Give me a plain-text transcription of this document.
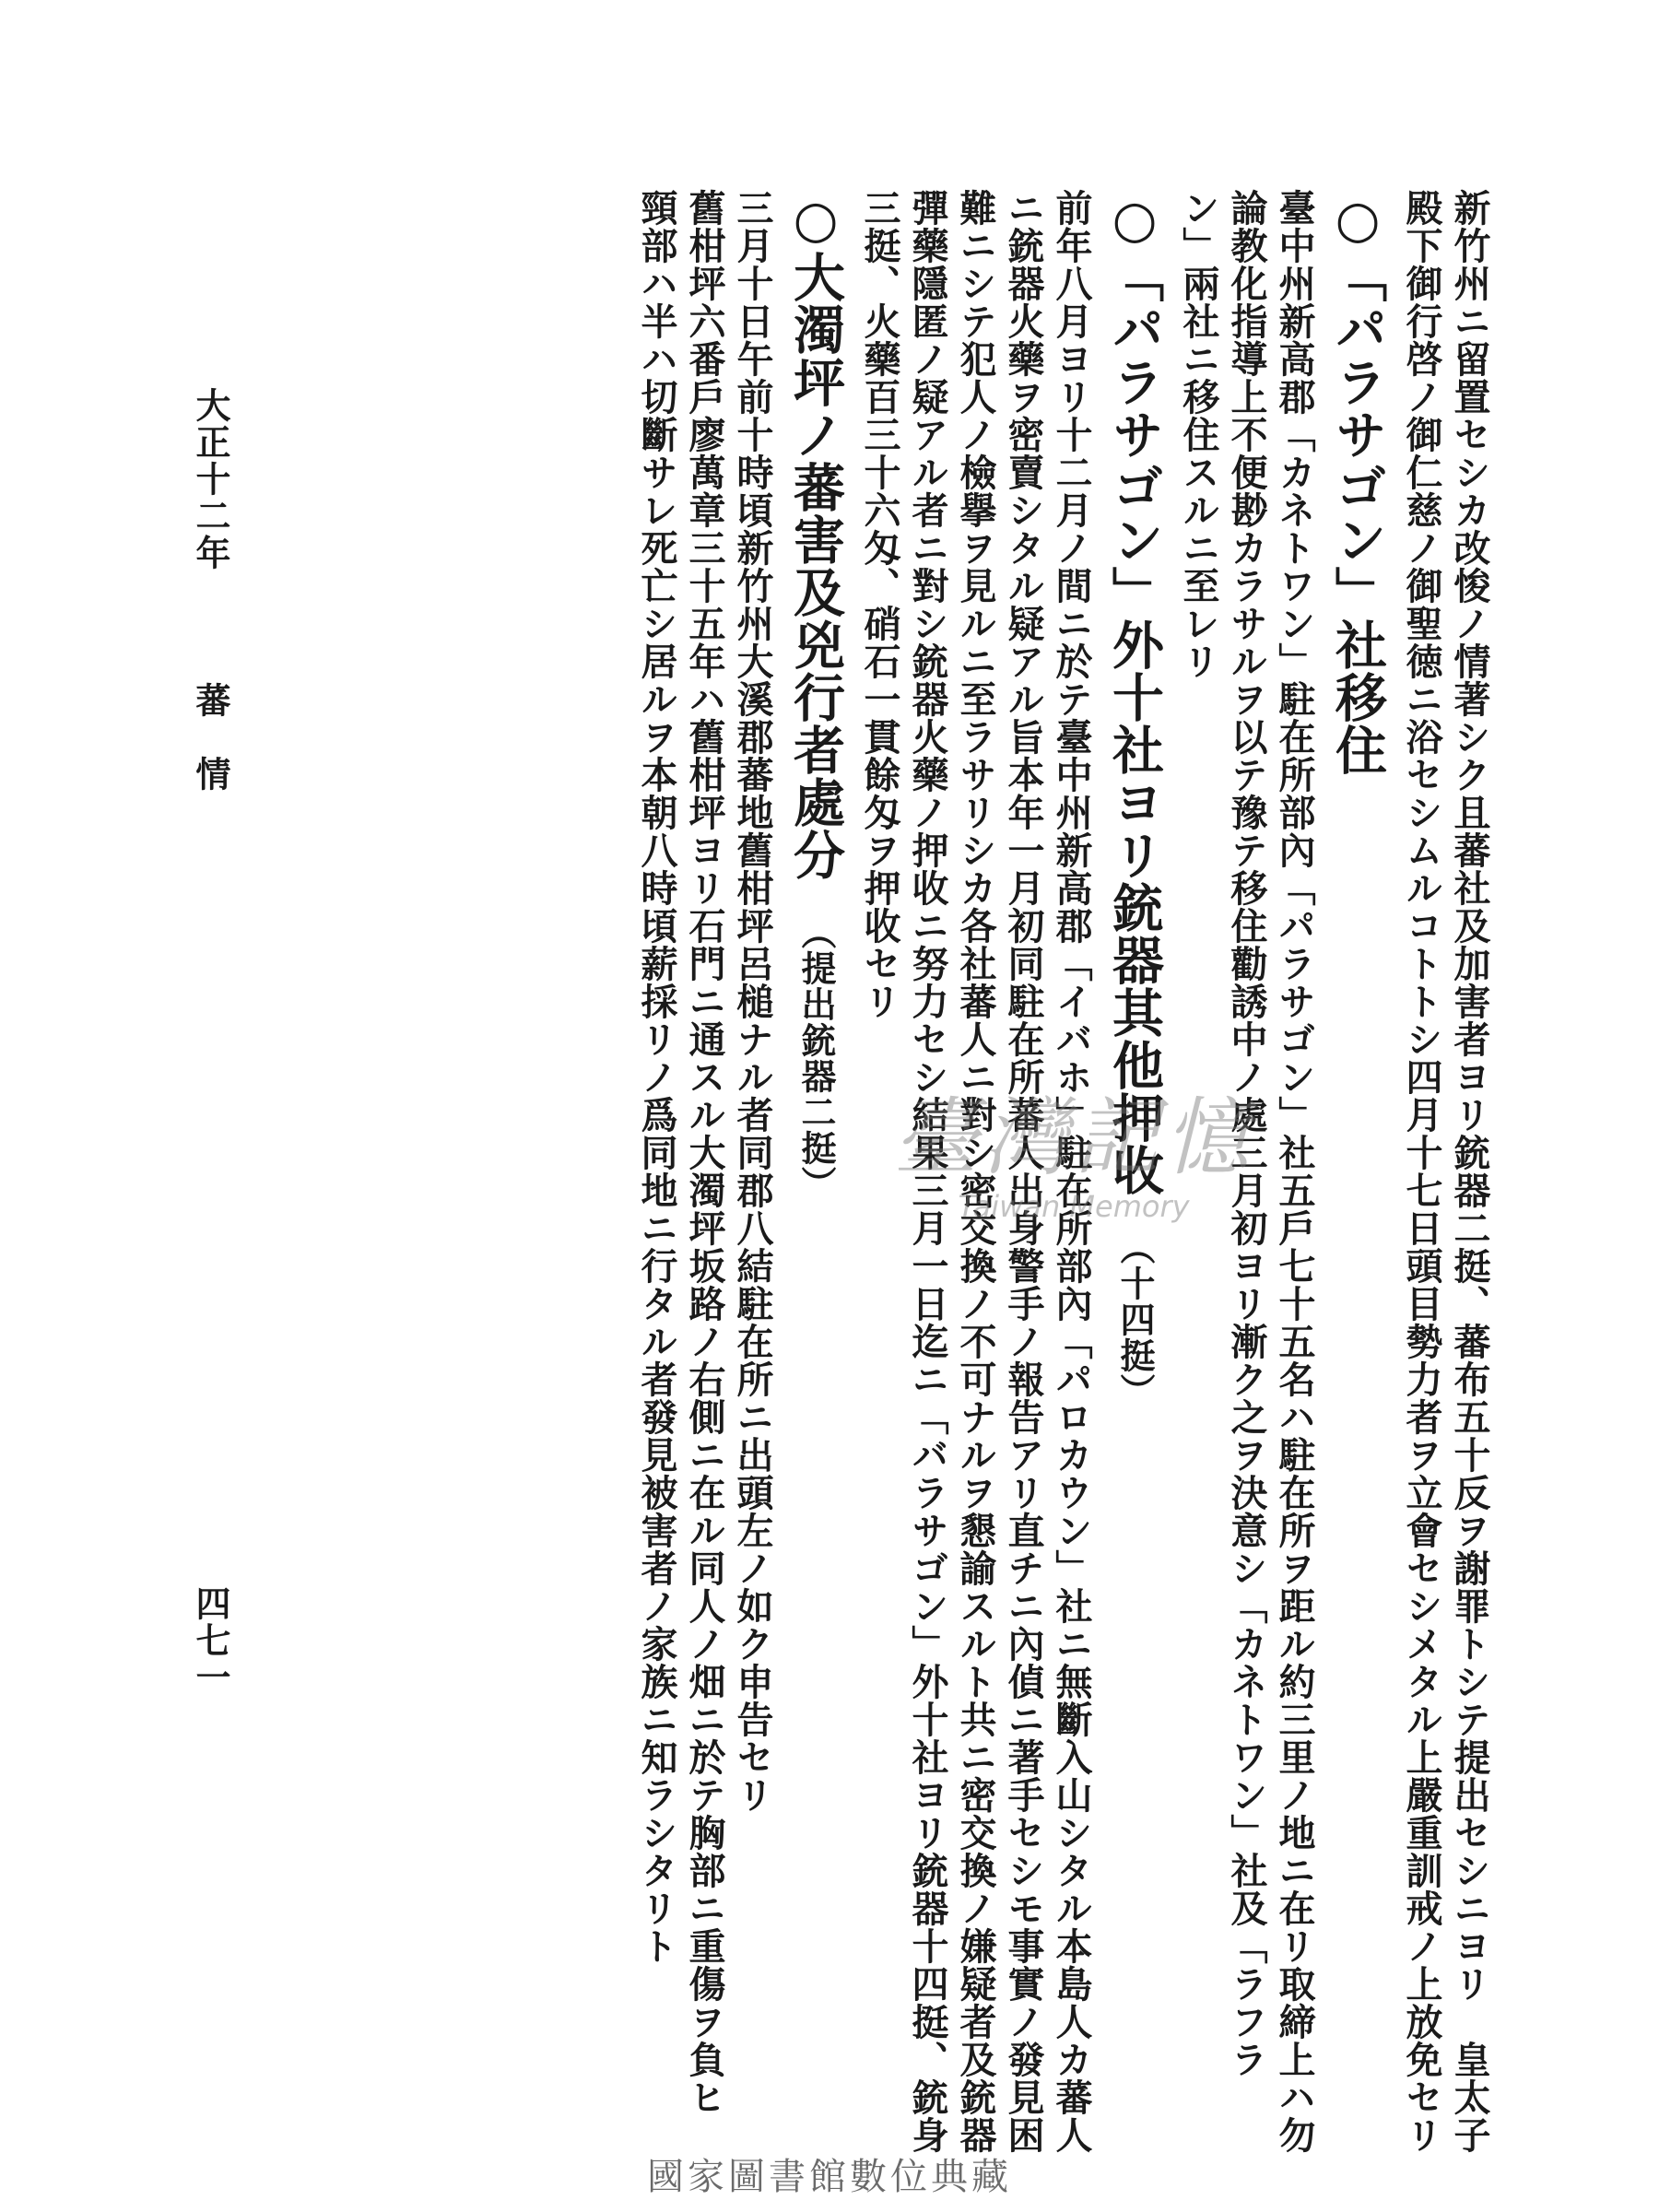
大正十二年
蕃　情
四七一	新竹州ニ留置セシカ改悛ノ情著シク且蕃社及加害者ヨリ銃器二挺、蕃布五十反ヲ謝罪トシテ提出セシニヨリ　皇太子
殿下御行啓ノ御仁慈ノ御聖徳ニ浴セシムルコトトシ四月十七日頭目勢力者ヲ立會セシメタル上嚴重訓戒ノ上放免セリ
○「パラサゴン」社移住
臺中州新高郡「カネトワン」駐在所部內「パラサゴン」社五戶七十五名ハ駐在所ヲ距ル約三里ノ地ニ在リ取締上ハ勿
論教化指導上不便尠カラサルヲ以テ豫テ移住勸誘中ノ處三月初ヨリ漸ク之ヲ決意シ「カネトワン」社及「ラフラ
ン」兩社ニ移住スルニ至レリ
○「パラサゴン」外十社ヨリ銃器其他押收（十四挺）
前年八月ヨリ十二月ノ間ニ於テ臺中州新高郡「イバホ」駐在所部內「パロカウン」社ニ無斷入山シタル本島人カ蕃人
ニ銃器火藥ヲ密賣シタル疑アル旨本年一月初同駐在所蕃人出身警手ノ報告アリ直チニ內偵ニ著手セシモ事實ノ發見困
難ニシテ犯人ノ檢擧ヲ見ルニ至ラサリシカ各社蕃人ニ對シ密交換ノ不可ナルヲ懇諭スルト共ニ密交換ノ嫌疑者及銃器
彈藥隱匿ノ疑アル者ニ對シ銃器火藥ノ押收ニ努力セシ結果三月一日迄ニ「バラサゴン」外十社ヨリ銃器十四挺、銃身
三挺、火藥百三十六匁、硝石一貫餘匁ヲ押收セリ
○大濁坪ノ蕃害及兇行者處分（提出銃器二挺）
三月十日午前十時頃新竹州大溪郡蕃地舊柑坪呂槌ナル者同郡八結駐在所ニ出頭左ノ如ク申告セリ
舊柑坪六番戶廖萬章三十五年ハ舊柑坪ヨリ石門ニ通スル大濁坪坂路ノ右側ニ在ル同人ノ畑ニ於テ胸部ニ重傷ヲ負ヒ
頸部ハ半ハ切斷サレ死亡シ居ルヲ本朝八時頃薪採リノ爲同地ニ行タル者發見被害者ノ家族ニ知ラシタリト	臺灣記憶
Taiwan Memory
國家圖書館數位典藏
